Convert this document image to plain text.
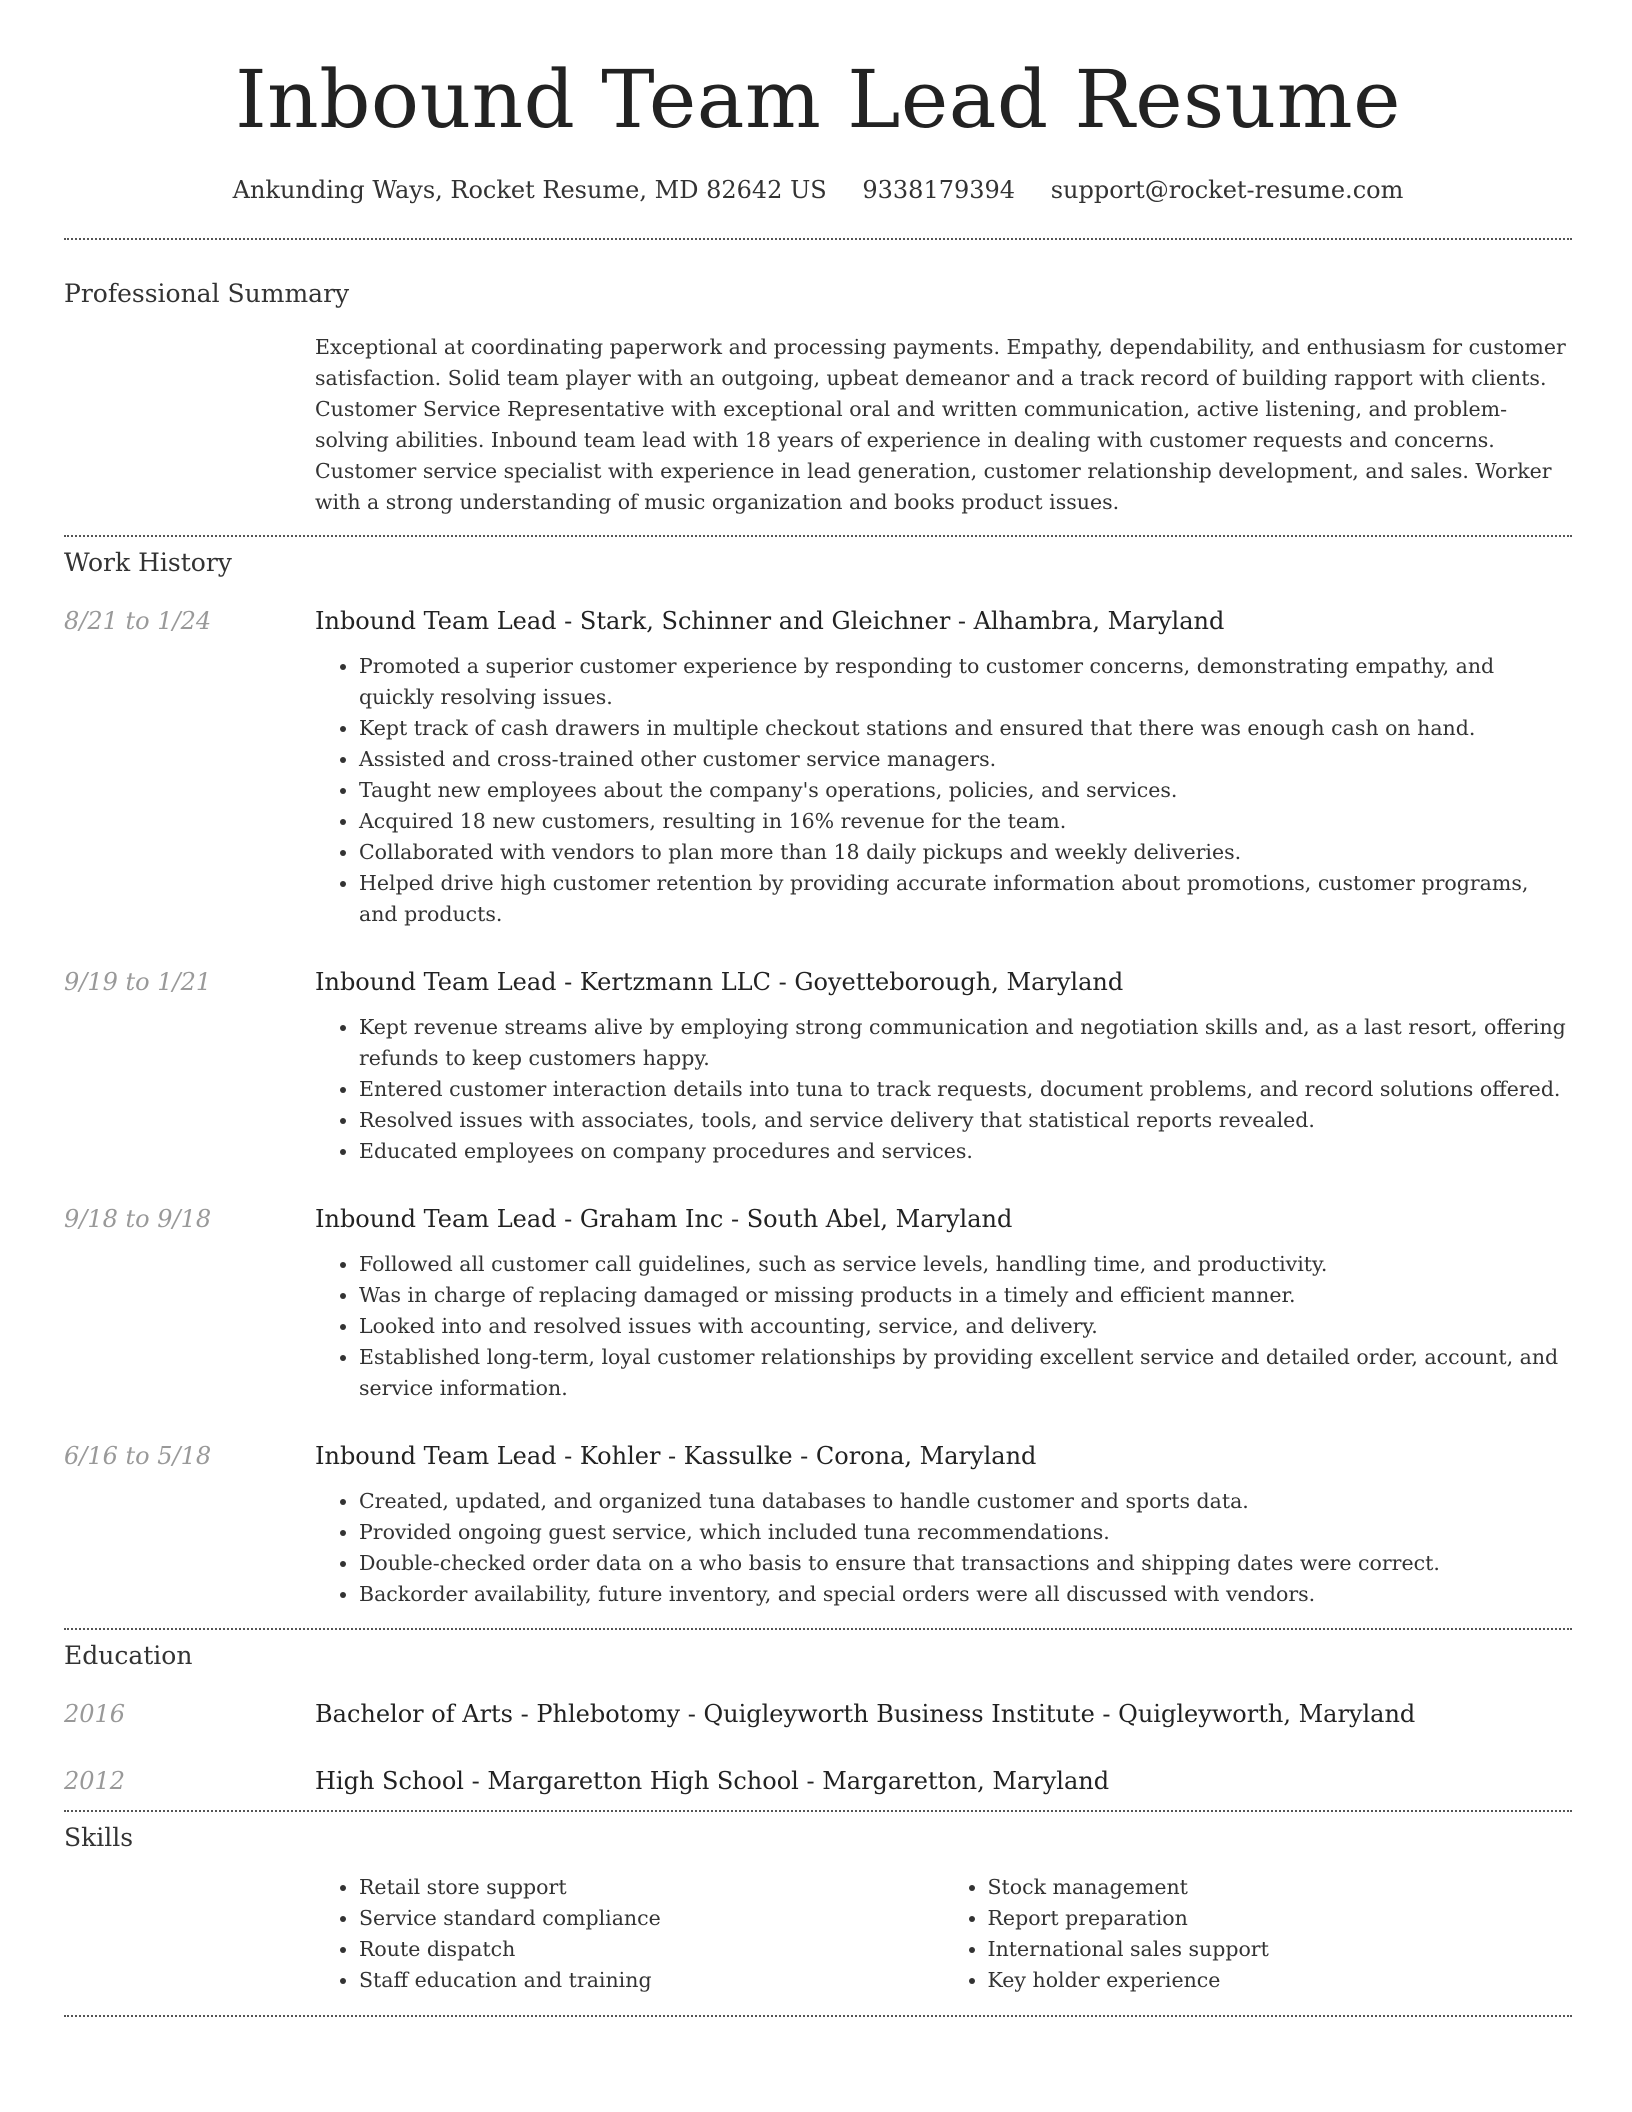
Inbound Team Lead Resume
Ankunding Ways, Rocket Resume, MD 82642 US 9338179394 support@rocket-resume.com
Professional Summary

Exceptional at coordinating paperwork and processing payments. Empathy, dependability, and enthusiasm for customer satisfaction. Solid team player with an outgoing, upbeat demeanor and a track record of building rapport with clients. Customer Service Representative with exceptional oral and written communication, active listening, and problem-solving abilities. Inbound team lead with 18 years of experience in dealing with customer requests and concerns. Customer service specialist with experience in lead generation, customer relationship development, and sales. Worker with a strong understanding of music organization and books product issues.

Work History
8/21 to 1/24	Inbound Team Lead - Stark, Schinner and Gleichner - Alhambra, Maryland
• Promoted a superior customer experience by responding to customer concerns, demonstrating empathy, and quickly resolving issues.
• Kept track of cash drawers in multiple checkout stations and ensured that there was enough cash on hand.
• Assisted and cross-trained other customer service managers.
• Taught new employees about the company's operations, policies, and services.
• Acquired 18 new customers, resulting in 16% revenue for the team.
• Collaborated with vendors to plan more than 18 daily pickups and weekly deliveries.
• Helped drive high customer retention by providing accurate information about promotions, customer programs, and products.
9/19 to 1/21	Inbound Team Lead - Kertzmann LLC - Goyetteborough, Maryland
• Kept revenue streams alive by employing strong communication and negotiation skills and, as a last resort, offering refunds to keep customers happy.
• Entered customer interaction details into tuna to track requests, document problems, and record solutions offered.
• Resolved issues with associates, tools, and service delivery that statistical reports revealed.
• Educated employees on company procedures and services.
9/18 to 9/18	Inbound Team Lead - Graham Inc - South Abel, Maryland
• Followed all customer call guidelines, such as service levels, handling time, and productivity.
• Was in charge of replacing damaged or missing products in a timely and efficient manner.
• Looked into and resolved issues with accounting, service, and delivery.
• Established long-term, loyal customer relationships by providing excellent service and detailed order, account, and service information.
6/16 to 5/18	Inbound Team Lead - Kohler - Kassulke - Corona, Maryland
• Created, updated, and organized tuna databases to handle customer and sports data.
• Provided ongoing guest service, which included tuna recommendations.
• Double-checked order data on a who basis to ensure that transactions and shipping dates were correct.
• Backorder availability, future inventory, and special orders were all discussed with vendors.
Education
2016	Bachelor of Arts - Phlebotomy - Quigleyworth Business Institute - Quigleyworth, Maryland
2012	High School - Margaretton High School - Margaretton, Maryland
Skills
• Retail store support
• Service standard compliance
• Route dispatch
• Staff education and training
• Stock management
• Report preparation
• International sales support
• Key holder experience
